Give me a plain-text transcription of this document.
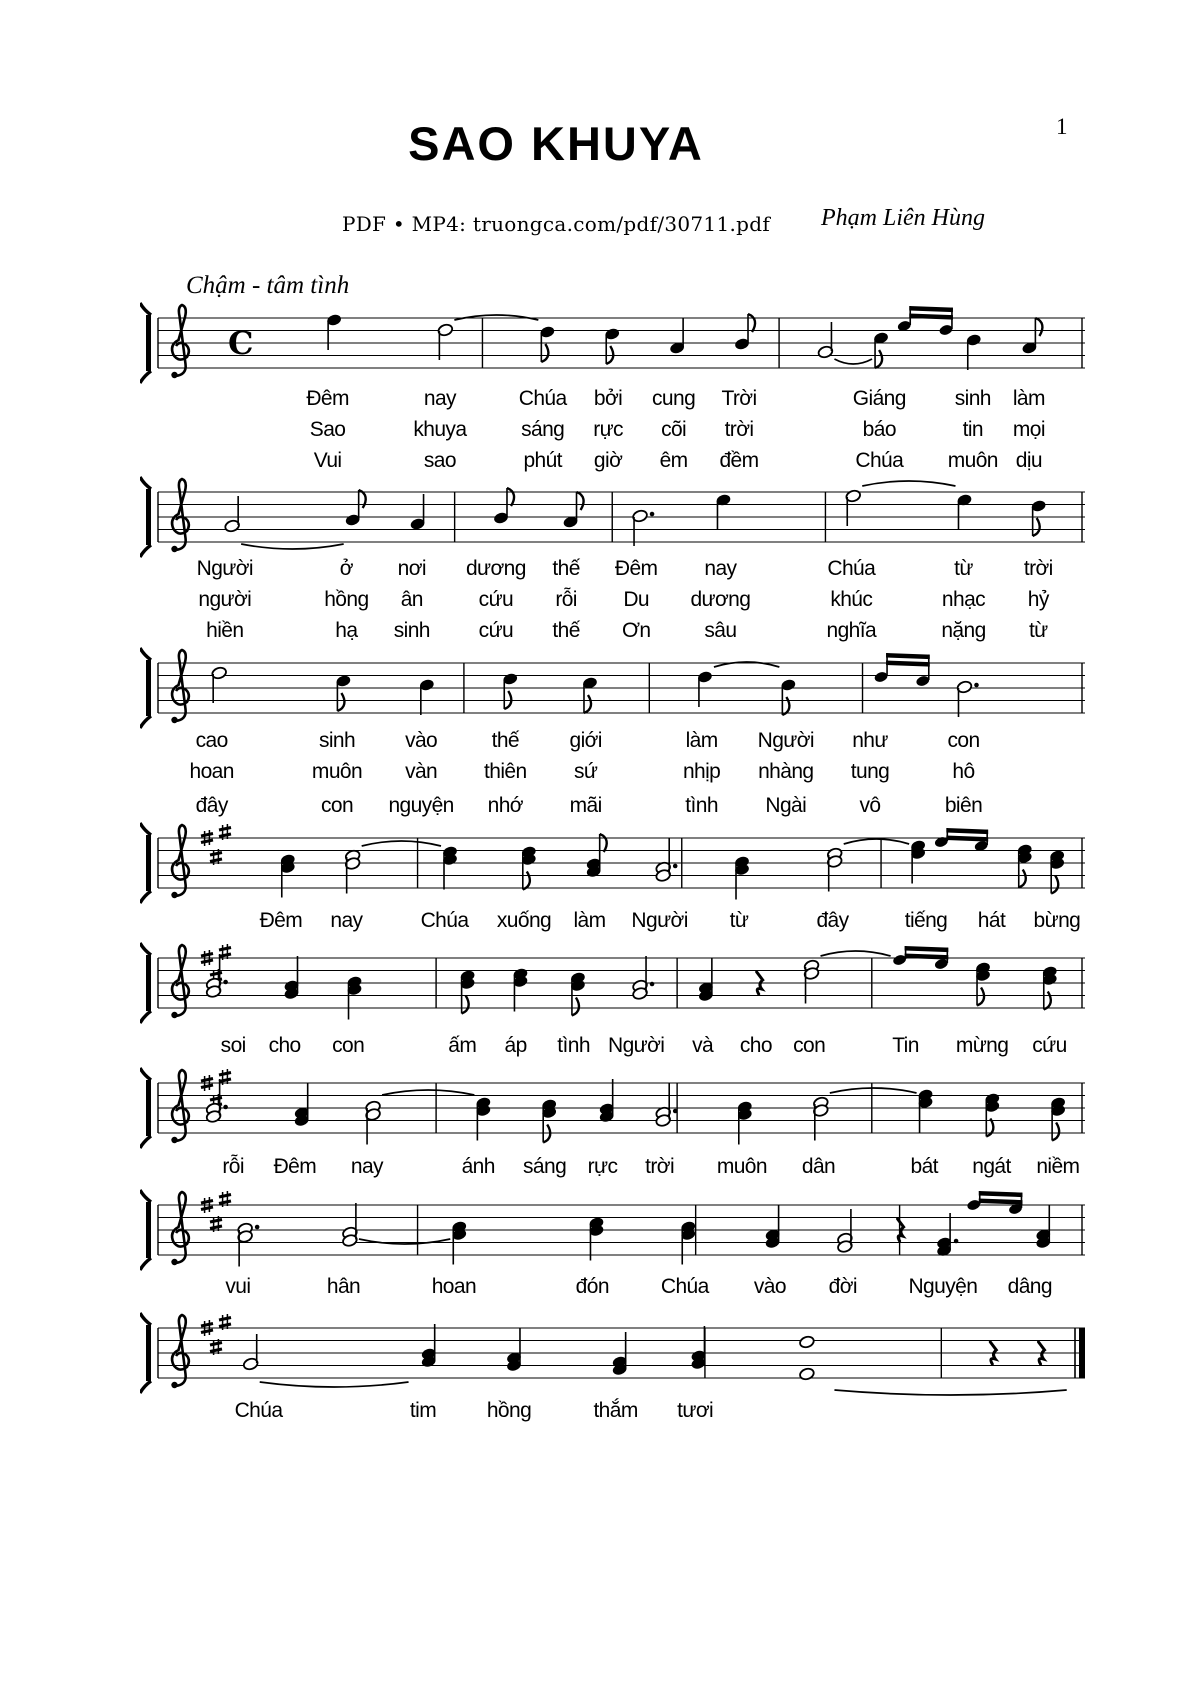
1
SAO KHUYA
PDF • MP4: truongca.com/pdf/30711.pdf	Phạm Liên Hùng
Chậm - tâm tình
C
Đêm	nay	Chúa bởi cung Trời	Giáng sinh làm
Sao	khuya	sáng rực cõi trời	báo	tin mọi
Vui	sao	phút giờ êm đềm	Chúa muôn dịu
Người	ở nơi dương thế Đêm nay	Chúa	từ trời
người	hồng ân	cứu rỗi Du dương	khúc	nhạc hỷ
hiền	hạ sinh cứu thế Ơn	sâu	nghĩa	nặng từ
cao	sinh vào	thế giới	làm Người như	con
hoan	muôn vàn thiên sứ	nhịp nhàng tung	hô
đây	con nguyện nhớ mãi	tình Ngài	vô	biên
Đêm nay	Chúa xuống làm Người từ	đây	tiếng hát bừng
soi cho con	ấm áp tình Người và cho con	Tin mừng cứu
rỗi Đêm nay	ánh sáng rực trời muôn dân	bát ngát niềm
vui	hân	hoan	đón Chúa vào đời Nguyện dâng
Chúa	tim hồng	thắm tươi
